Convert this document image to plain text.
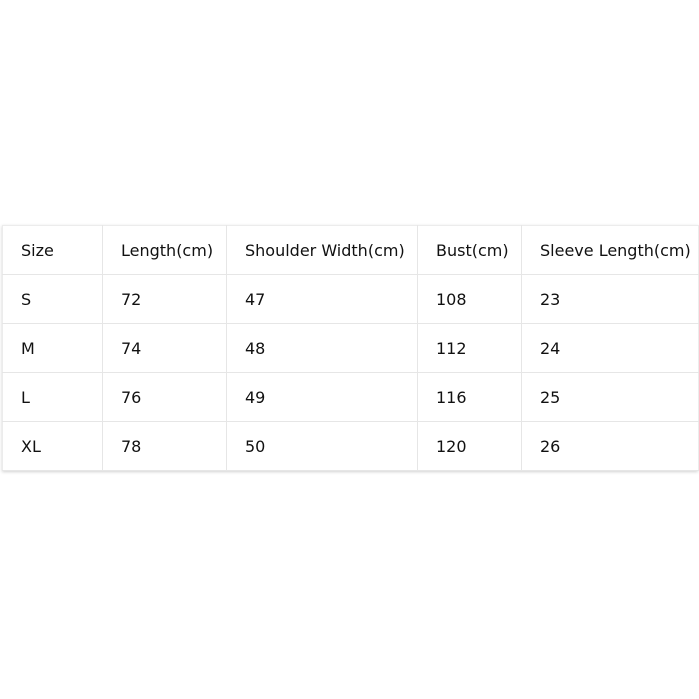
Size	Length(cm)	Shoulder Width(cm)	Bust(cm)	Sleeve Length(cm)
S	72	47	108	23
M	74	48	112	24
L	76	49	116	25
XL	78	50	120	26
